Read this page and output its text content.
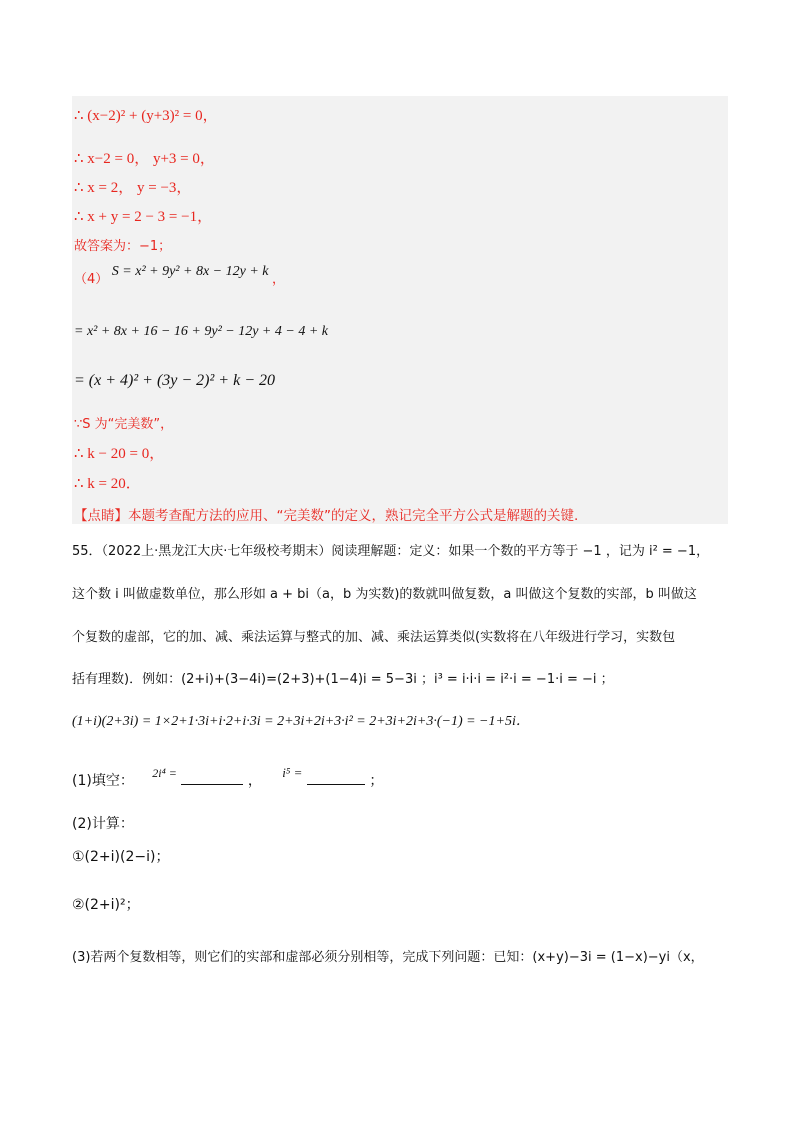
∴ (x−2)² + (y+3)² = 0，
∴ x−2 = 0， y+3 = 0，
∴ x = 2， y = −3，
∴ x + y = 2 − 3 = −1，
故答案为：−1；
（4） S = x² + 9y² + 8x − 12y + k ，
= x² + 8x + 16 − 16 + 9y² − 12y + 4 − 4 + k
= (x + 4)² + (3y − 2)² + k − 20
∵S 为“完美数”，
∴ k − 20 = 0，
∴ k = 20．
【点睛】本题考查配方法的应用、“完美数”的定义，熟记完全平方公式是解题的关键.
55．（2022上·黑龙江大庆·七年级校考期末）阅读理解题：定义：如果一个数的平方等于 −1 ，记为 i² = −1，
这个数 i 叫做虚数单位，那么形如 a + bi（a，b 为实数)的数就叫做复数，a 叫做这个复数的实部，b 叫做这
个复数的虚部，它的加、减、乘法运算与整式的加、减、乘法运算类似(实数将在八年级进行学习，实数包
括有理数)．例如：(2+i)+(3−4i)=(2+3)+(1−4)i = 5−3i ；i³ = i·i·i = i²·i = −1·i = −i ；
(1+i)(2+3i) = 1×2+1·3i+i·2+i·3i = 2+3i+2i+3·i² = 2+3i+2i+3·(−1) = −1+5i．
(1)填空： 2i⁴ =	， i⁵ =  ；
(2)计算：
①(2+i)(2−i)；
②(2+i)²；
(3)若两个复数相等，则它们的实部和虚部必须分别相等，完成下列问题：已知：(x+y)−3i = (1−x)−yi（x，
